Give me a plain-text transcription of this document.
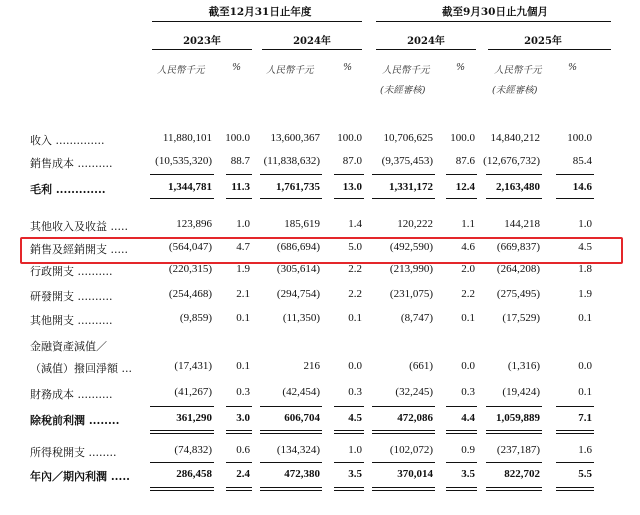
截至12月31日止年度	截至9月30日止九個月
2023年	2024年	2024年	2025年
人民幣千元	%	人民幣千元	%	人民幣千元	%	人民幣千元	%
(未經審核)	(未經審核)
收入 ..............	11,880,101 100.0 13,600,367 100.0 10,706,625 100.0 14,840,212 100.0
銷售成本 ..........	(10,535,320) 88.7 (11,838,632) 87.0 (9,375,453) 87.6 (12,676,732)	85.4
毛利 .............	1,344,781 11.3 1,761,735 13.0 1,331,172 12.4 2,163,480	14.6
其他收入及收益 .....	123,896 1.0	185,619	1.4	120,222	1.1	144,218	1.0
銷售及經銷開支 .....	(564,047) 4.7 (686,694)	5.0	(492,590)	4.6 (669,837)	4.5
行政開支 ..........	(220,315) 1.9 (305,614)	2.2	(213,990)	2.0 (264,208)	1.8
研發開支 ..........	(254,468) 2.1 (294,754)	2.2	(231,075)	2.2 (275,495)	1.9
其他開支 ..........	(9,859) 0.1	(11,350)	0.1	(8,747)	0.1 (17,529)	0.1
金融資產減值／
（減值）撥回淨額 ...	(17,431) 0.1	216	0.0	(661)	0.0	(1,316)	0.0
財務成本 ..........	(41,267) 0.3	(42,454)	0.3	(32,245)	0.3 (19,424)	0.1
除稅前利潤 ........	361,290 3.0	606,704	4.5	472,086	4.4 1,059,889	7.1
所得稅開支 ........	(74,832) 0.6 (134,324)	1.0	(102,072)	0.9 (237,187)	1.6
年內／期內利潤 .....	286,458 2.4	472,380	3.5	370,014	3.5	822,702	5.5
